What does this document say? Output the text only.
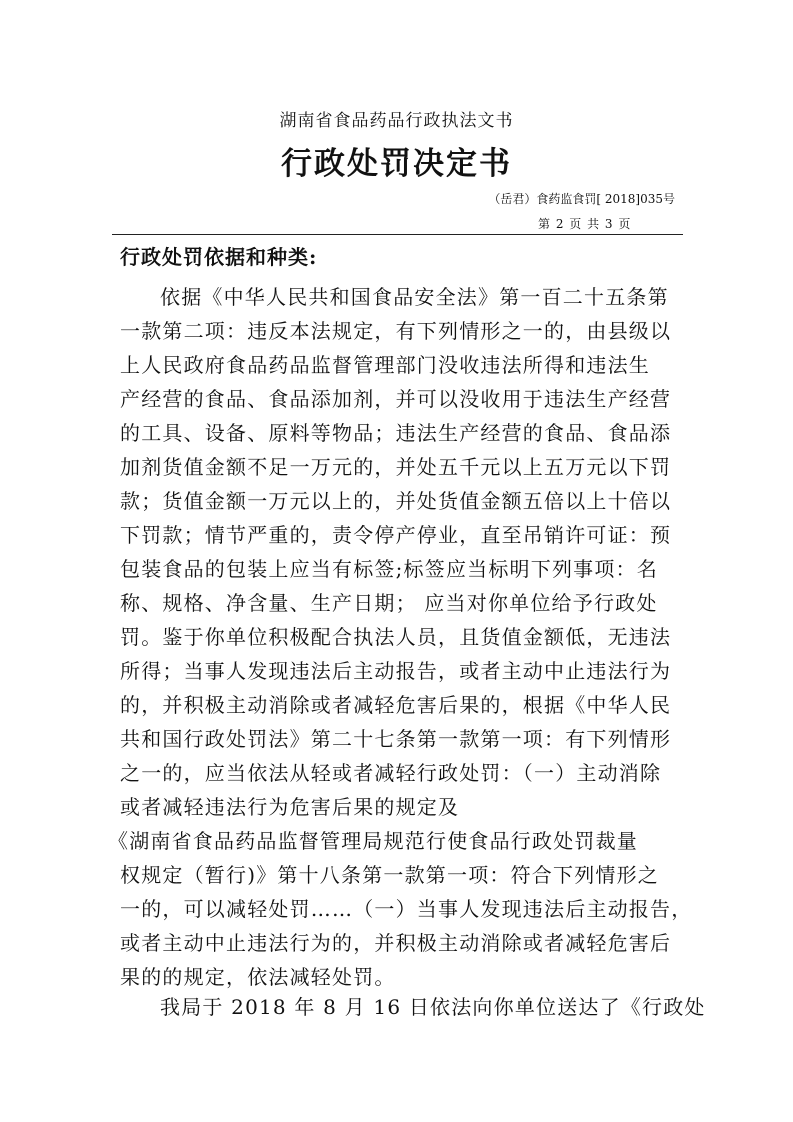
湖南省食品药品行政执法文书
行政处罚决定书
（岳君）食药监食罚[ 2018]035号
第 2 页 共 3 页
行政处罚依据和种类:
依据《中华人民共和国食品安全法》第一百二十五条第
一款第二项：违反本法规定，有下列情形之一的，由县级以
上人民政府食品药品监督管理部门没收违法所得和违法生
产经营的食品、食品添加剂，并可以没收用于违法生产经营
的工具、设备、原料等物品；违法生产经营的食品、食品添
加剂货值金额不足一万元的，并处五千元以上五万元以下罚
款；货值金额一万元以上的，并处货值金额五倍以上十倍以
下罚款；情节严重的，责令停产停业，直至吊销许可证：预
包装食品的包装上应当有标签;标签应当标明下列事项：名
称、规格、净含量、生产日期； 应当对你单位给予行政处
罚。鉴于你单位积极配合执法人员，且货值金额低，无违法
所得；当事人发现违法后主动报告，或者主动中止违法行为
的，并积极主动消除或者减轻危害后果的，根据《中华人民
共和国行政处罚法》第二十七条第一款第一项：有下列情形
之一的，应当依法从轻或者减轻行政处罚：（一）主动消除
或者减轻违法行为危害后果的规定及
《湖南省食品药品监督管理局规范行使食品行政处罚裁量
权规定（暂行)》第十八条第一款第一项：符合下列情形之
一的，可以减轻处罚……（一）当事人发现违法后主动报告，
或者主动中止违法行为的，并积极主动消除或者减轻危害后
果的的规定，依法减轻处罚。
我局于 2018 年 8 月 16 日依法向你单位送达了《行政处
